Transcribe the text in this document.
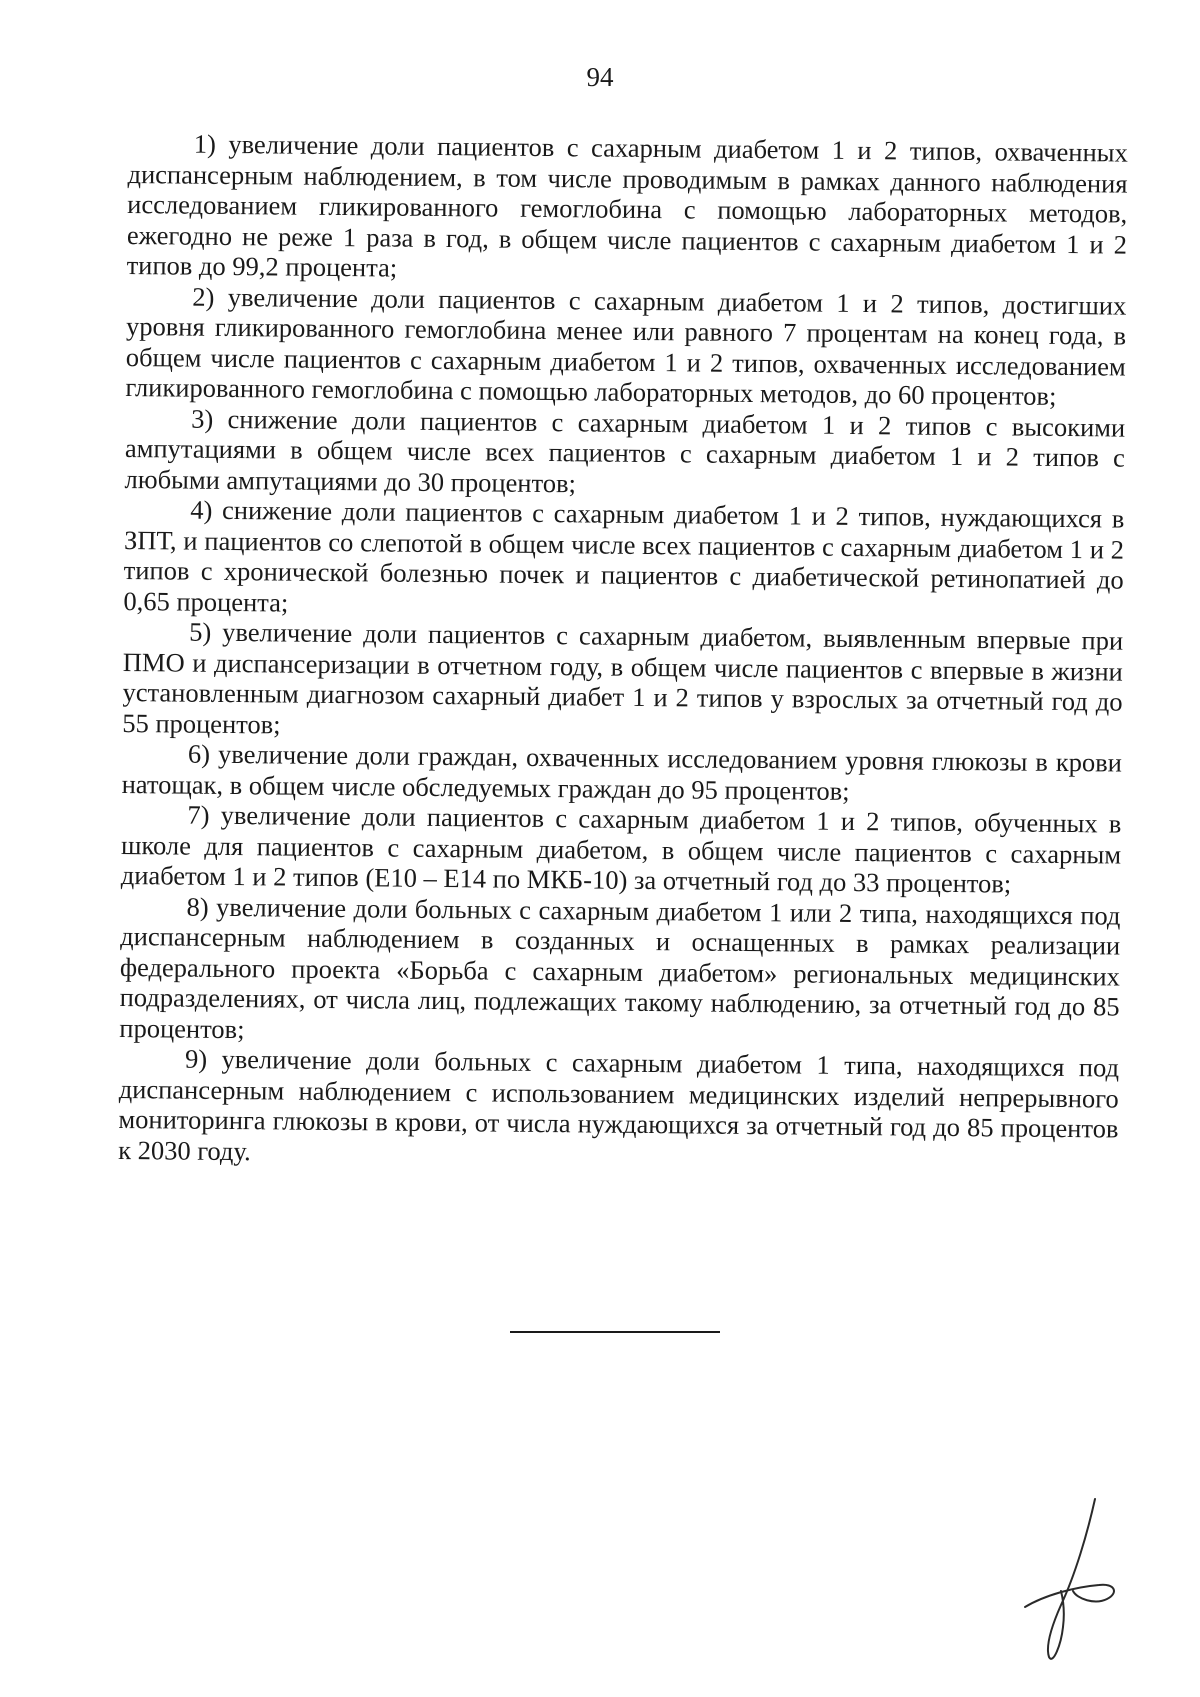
94

1) увеличение доли пациентов с сахарным диабетом 1 и 2 типов, охваченных диспансерным наблюдением, в том числе проводимым в рамках данного наблюдения исследованием гликированного гемоглобина с помощью лабораторных методов, ежегодно не реже 1 раза в год, в общем числе пациентов с сахарным диабетом 1 и 2 типов до 99,2 процента;

2) увеличение доли пациентов с сахарным диабетом 1 и 2 типов, достигших уровня гликированного гемоглобина менее или равного 7 процентам на конец года, в общем числе пациентов с сахарным диабетом 1 и 2 типов, охваченных исследованием гликированного гемоглобина с помощью лабораторных методов, до 60 процентов;

3) снижение доли пациентов с сахарным диабетом 1 и 2 типов с высокими ампутациями в общем числе всех пациентов с сахарным диабетом 1 и 2 типов с любыми ампутациями до 30 процентов;

4) снижение доли пациентов с сахарным диабетом 1 и 2 типов, нуждающихся в ЗПТ, и пациентов со слепотой в общем числе всех пациентов с сахарным диабетом 1 и 2 типов с хронической болезнью почек и пациентов с диабетической ретинопатией до 0,65 процента;

5) увеличение доли пациентов с сахарным диабетом, выявленным впервые при ПМО и диспансеризации в отчетном году, в общем числе пациентов с впервые в жизни установленным диагнозом сахарный диабет 1 и 2 типов у взрослых за отчетный год до 55 процентов;

6) увеличение доли граждан, охваченных исследованием уровня глюкозы в крови натощак, в общем числе обследуемых граждан до 95 процентов;

7) увеличение доли пациентов с сахарным диабетом 1 и 2 типов, обученных в школе для пациентов с сахарным диабетом, в общем числе пациентов с сахарным диабетом 1 и 2 типов (Е10 – Е14 по МКБ-10) за отчетный год до 33 процентов;

8) увеличение доли больных с сахарным диабетом 1 или 2 типа, находящихся под диспансерным наблюдением в созданных и оснащенных в рамках реализации федерального проекта «Борьба с сахарным диабетом» региональных медицинских подразделениях, от числа лиц, подлежащих такому наблюдению, за отчетный год до 85 процентов;

9) увеличение доли больных с сахарным диабетом 1 типа, находящихся под диспансерным наблюдением с использованием медицинских изделий непрерывного мониторинга глюкозы в крови, от числа нуждающихся за отчетный год до 85 процентов к 2030 году.
